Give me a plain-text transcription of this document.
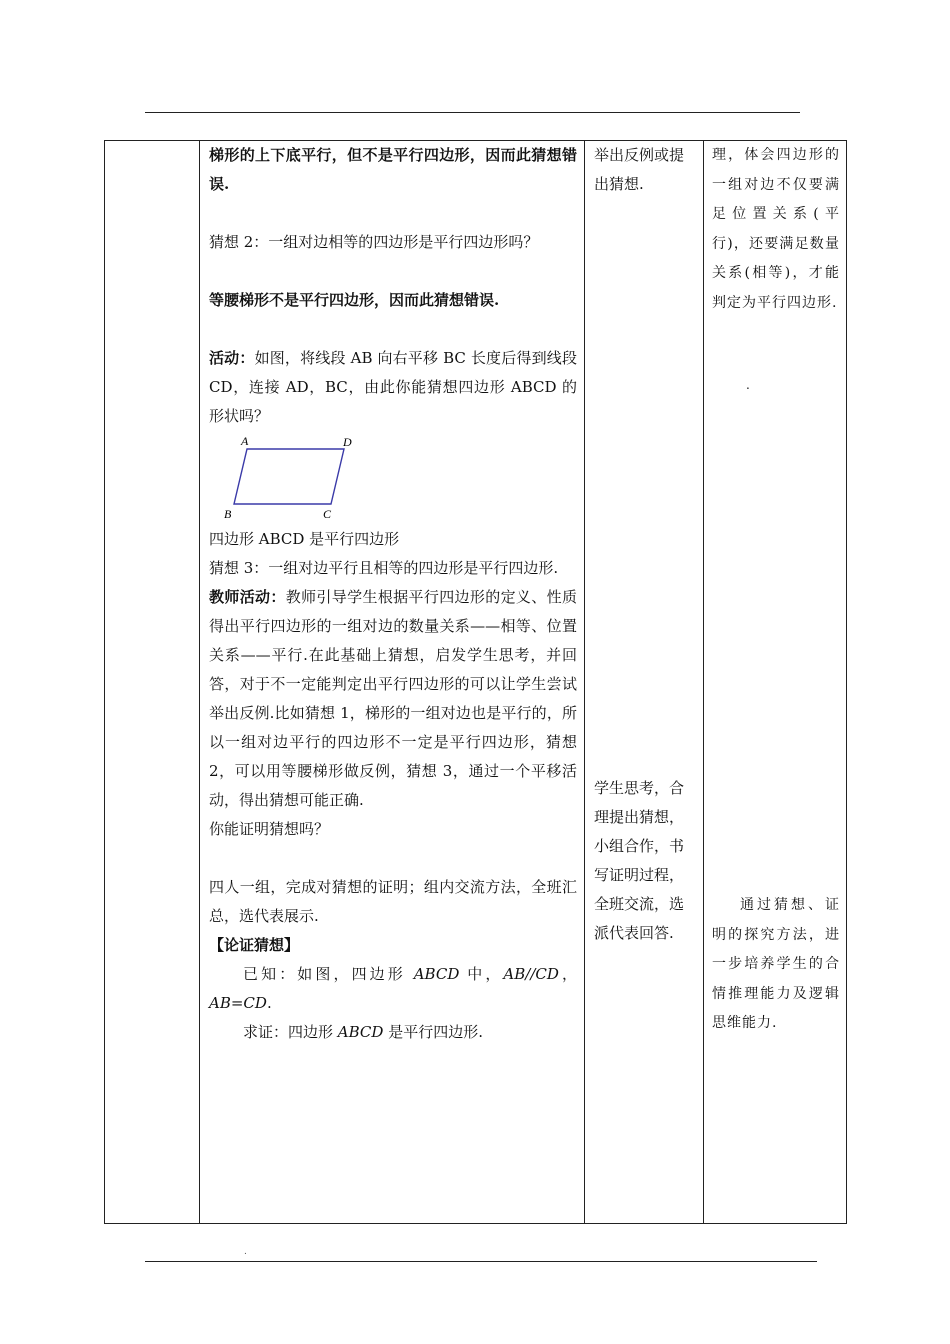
梯形的上下底平行，但不是平行四边形，因而此猜想错误.

猜想 2：一组对边相等的四边形是平行四边形吗？

等腰梯形不是平行四边形，因而此猜想错误.

活动：如图，将线段 AB 向右平移 BC 长度后得到线段 CD，连接 AD，BC，由此你能猜想四边形 ABCD 的形状吗？

A	D
B	C

四边形 ABCD 是平行四边形

猜想 3：一组对边平行且相等的四边形是平行四边形.

教师活动：教师引导学生根据平行四边形的定义、性质得出平行四边形的一组对边的数量关系——相等、位置关系——平行.在此基础上猜想，启发学生思考，并回答，对于不一定能判定出平行四边形的可以让学生尝试举出反例.比如猜想 1，梯形的一组对边也是平行的，所以一组对边平行的四边形不一定是平行四边形，猜想 2，可以用等腰梯形做反例，猜想 3，通过一个平移活动，得出猜想可能正确.

你能证明猜想吗？

四人一组，完成对猜想的证明；组内交流方法，全班汇总，选代表展示.

【论证猜想】

已知：如图，四边形 ABCD 中，AB//CD，

AB=CD.

求证：四边形 ABCD 是平行四边形.

举出反例或提出猜想.

学生思考，合理提出猜想，小组合作，书写证明过程，全班交流，选派代表回答.

理，体会四边形的一组对边不仅要满足位置关系(平行)，还要满足数量关系(相等)，才能判定为平行四边形.

.

通过猜想、证明的探究方法，进一步培养学生的合情推理能力及逻辑思维能力.

.
